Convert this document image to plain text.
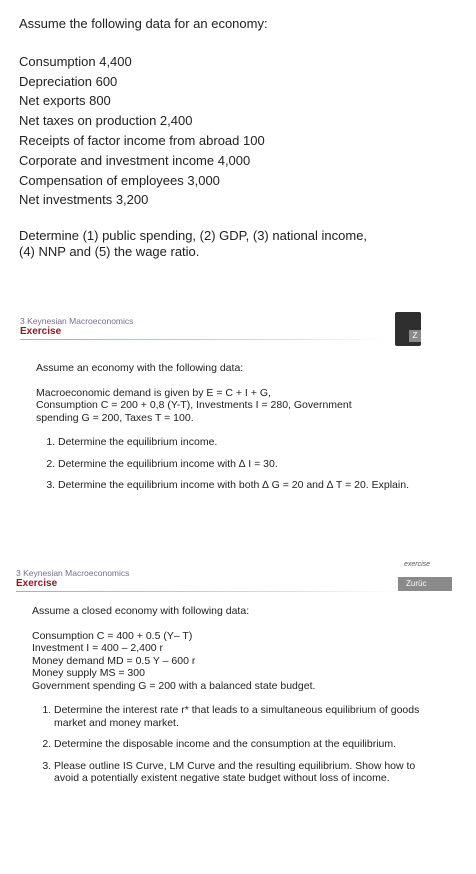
Assume the following data for an economy:

Consumption 4,400

Depreciation 600

Net exports 800

Net taxes on production 2,400

Receipts of factor income from abroad 100

Corporate and investment income 4,000

Compensation of employees 3,000

Net investments 3,200

Determine (1) public spending, (2) GDP, (3) national income,

(4) NNP and (5) the wage ratio.

3 Keynesian Macroeconomics
Exercise	Z

Assume an economy with the following data:

Macroeconomic demand is given by E = C + I + G,

Consumption C = 200 + 0,8 (Y-T), Investments I = 280, Government

spending G = 200, Taxes T = 100.

1. Determine the equilibrium income.
2. Determine the equilibrium income with ∆ I = 30.
3. Determine the equilibrium income with both ∆ G = 20 and ∆ T = 20. Explain.
3 Keynesian Macroeconomics
Exercise
exercise
Zurüc

Assume a closed economy with following data:

Consumption C = 400 + 0.5 (Y– T)

Investment I = 400 – 2,400 r

Money demand MD = 0.5 Y – 600 r

Money supply MS = 300

Government spending G = 200 with a balanced state budget.

1. Determine the interest rate r* that leads to a simultaneous equilibrium of goods market and money market.
2. Determine the disposable income and the consumption at the equilibrium.
3. Please outline IS Curve, LM Curve and the resulting equilibrium. Show how to avoid a potentially existent negative state budget without loss of income.
